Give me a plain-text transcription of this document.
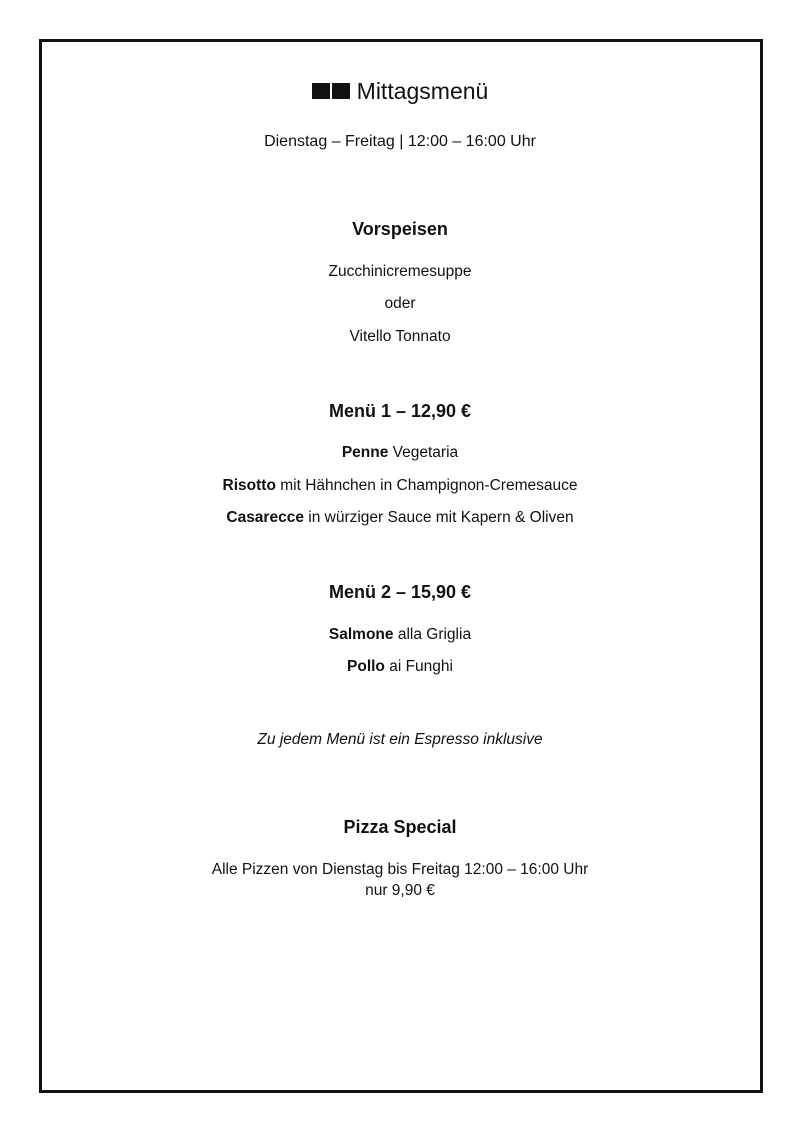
Mittagsmenü
Dienstag – Freitag | 12:00 – 16:00 Uhr
Vorspeisen
Zucchinicremesuppe
oder
Vitello Tonnato
Menü 1 – 12,90 €
Penne Vegetaria
Risotto mit Hähnchen in Champignon-Cremesauce
Casarecce in würziger Sauce mit Kapern & Oliven
Menü 2 – 15,90 €
Salmone alla Griglia
Pollo ai Funghi
Zu jedem Menü ist ein Espresso inklusive
Pizza Special
Alle Pizzen von Dienstag bis Freitag 12:00 – 16:00 Uhr
nur 9,90 €
